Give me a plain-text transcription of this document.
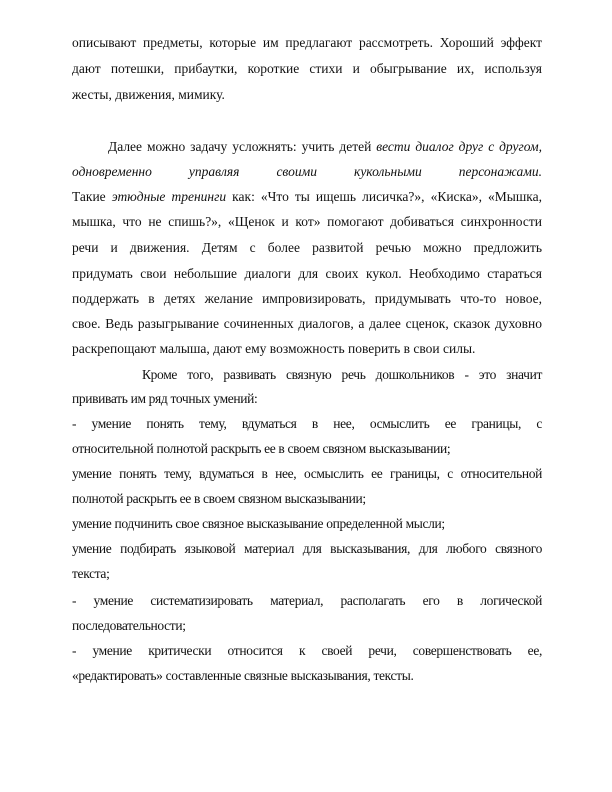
описывают предметы, которые им предлагают рассмотреть. Хороший эффект

дают потешки, прибаутки, короткие стихи и обыгрывание их, используя

жесты, движения, мимику.

Далее можно задачу усложнять: учить детей вести диалог друг с другом,

одновременно управляя своими кукольными персонажами.

Такие этюдные тренинги как: «Что ты ищешь лисичка?», «Киска», «Мышка,

мышка, что не спишь?», «Щенок и кот» помогают добиваться синхронности

речи и движения. Детям с более развитой речью можно предложить

придумать свои небольшие диалоги для своих кукол. Необходимо стараться

поддержать в детях желание импровизировать, придумывать что-то новое,

свое. Ведь разыгрывание сочиненных диалогов, а далее сценок, сказок духовно

раскрепощают малыша, дают ему возможность поверить в свои силы.

Кроме того, развивать связную речь дошкольников - это значит

прививать им ряд точных умений:

- умение понять тему, вдуматься в нее, осмыслить ее границы, с

относительной полнотой раскрыть ее в своем связном высказывании;

умение понять тему, вдуматься в нее, осмыслить ее границы, с относительной

полнотой раскрыть ее в своем связном высказывании;

умение подчинить свое связное высказывание определенной мысли;

умение подбирать языковой материал для высказывания, для любого связного

текста;

- умение систематизировать материал, располагать его в логической

последовательности;

- умение критически относится к своей речи, совершенствовать ее,

«редактировать» составленные связные высказывания, тексты.
